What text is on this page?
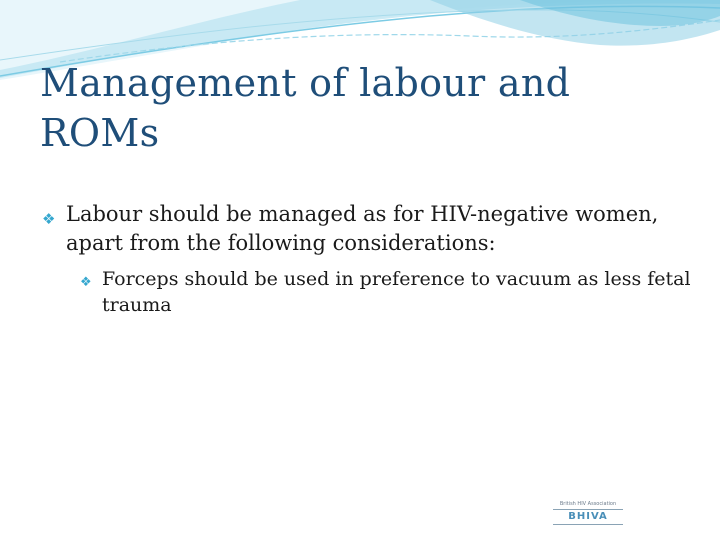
Management of labour and
ROMs
❖ Labour should be managed as for HIV-negative women, apart from the following considerations:
❖ Forceps should be used in preference to vacuum as less fetal trauma
British HIV Association
BHIVA
